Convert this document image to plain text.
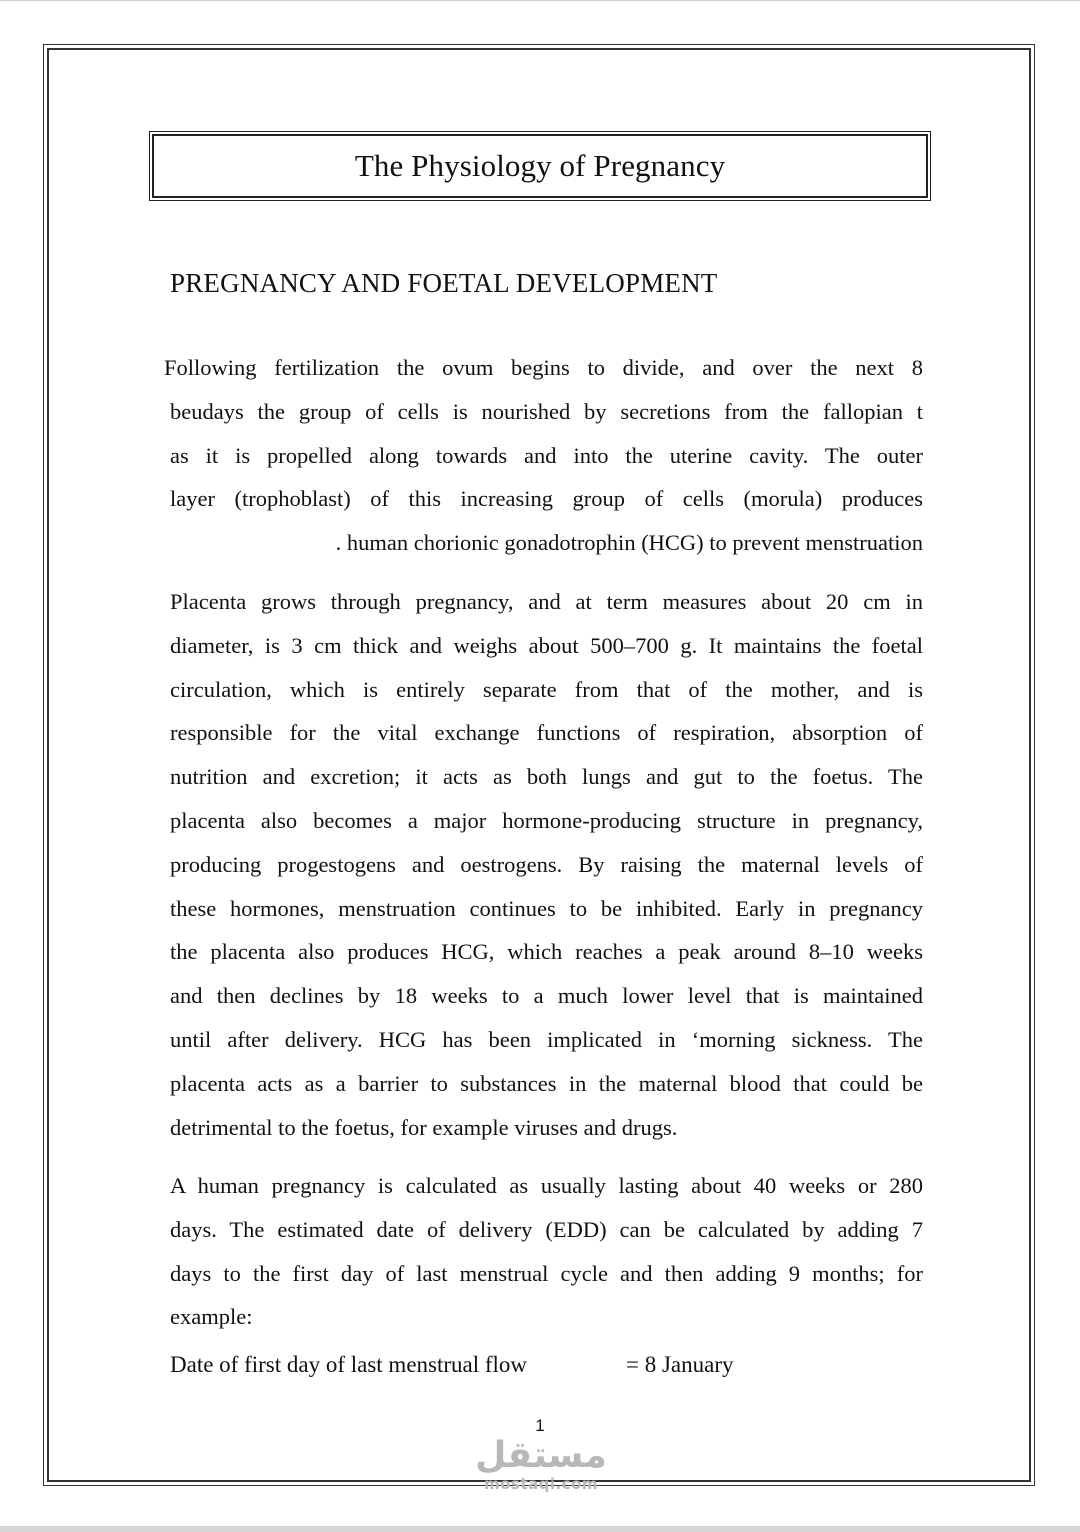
The Physiology of Pregnancy
PREGNANCY AND FOETAL DEVELOPMENT
Following fertilization the ovum begins to divide, and over the next 8
beudays the group of cells is nourished by secretions from the fallopian t
as it is propelled along towards and into the uterine cavity. The outer
layer (trophoblast) of this increasing group of cells (morula) produces
. human chorionic gonadotrophin (HCG) to prevent menstruation
Placenta grows through pregnancy, and at term measures about 20 cm in
diameter, is 3 cm thick and weighs about 500–700 g. It maintains the foetal
circulation, which is entirely separate from that of the mother, and is
responsible for the vital exchange functions of respiration, absorption of
nutrition and excretion; it acts as both lungs and gut to the foetus. The
placenta also becomes a major hormone-producing structure in pregnancy,
producing progestogens and oestrogens. By raising the maternal levels of
these hormones, menstruation continues to be inhibited. Early in pregnancy
the placenta also produces HCG, which reaches a peak around 8–10 weeks
and then declines by 18 weeks to a much lower level that is maintained
until after delivery. HCG has been implicated in ‘morning sickness. The
placenta acts as a barrier to substances in the maternal blood that could be
detrimental to the foetus, for example viruses and drugs.
A human pregnancy is calculated as usually lasting about 40 weeks or 280
days. The estimated date of delivery (EDD) can be calculated by adding 7
days to the first day of last menstrual cycle and then adding 9 months; for
example:
Date of first day of last menstrual flow	= 8 January
1
مستقل
mostaqi.com
